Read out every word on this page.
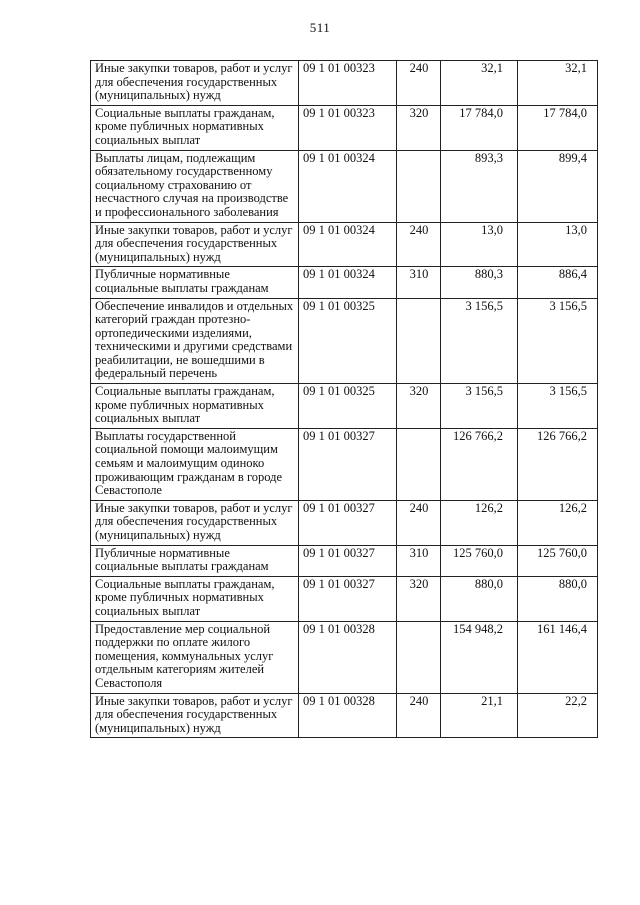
511
Иные закупки товаров, работ и услуг для обеспечения государственных (муниципальных) нужд	09 1 01 00323	240	32,1	32,1
Социальные выплаты гражданам, кроме публичных нормативных социальных выплат	09 1 01 00323	320	17 784,0	17 784,0
Выплаты лицам, подлежащим обязательному государственному социальному страхованию от несчастного случая на производстве и профессионального заболевания	09 1 01 00324		893,3	899,4
Иные закупки товаров, работ и услуг для обеспечения государственных (муниципальных) нужд	09 1 01 00324	240	13,0	13,0
Публичные нормативные социальные выплаты гражданам	09 1 01 00324	310	880,3	886,4
Обеспечение инвалидов и отдельных категорий граждан протезно-ортопедическими изделиями, техническими и другими средствами реабилитации, не вошедшими в федеральный перечень	09 1 01 00325		3 156,5	3 156,5
Социальные выплаты гражданам, кроме публичных нормативных социальных выплат	09 1 01 00325	320	3 156,5	3 156,5
Выплаты государственной социальной помощи малоимущим семьям и малоимущим одиноко проживающим гражданам в городе Севастополе	09 1 01 00327		126 766,2	126 766,2
Иные закупки товаров, работ и услуг для обеспечения государственных (муниципальных) нужд	09 1 01 00327	240	126,2	126,2
Публичные нормативные социальные выплаты гражданам	09 1 01 00327	310	125 760,0	125 760,0
Социальные выплаты гражданам, кроме публичных нормативных социальных выплат	09 1 01 00327	320	880,0	880,0
Предоставление мер социальной поддержки по оплате жилого помещения, коммунальных услуг отдельным категориям жителей Севастополя	09 1 01 00328		154 948,2	161 146,4
Иные закупки товаров, работ и услуг для обеспечения государственных (муниципальных) нужд	09 1 01 00328	240	21,1	22,2
